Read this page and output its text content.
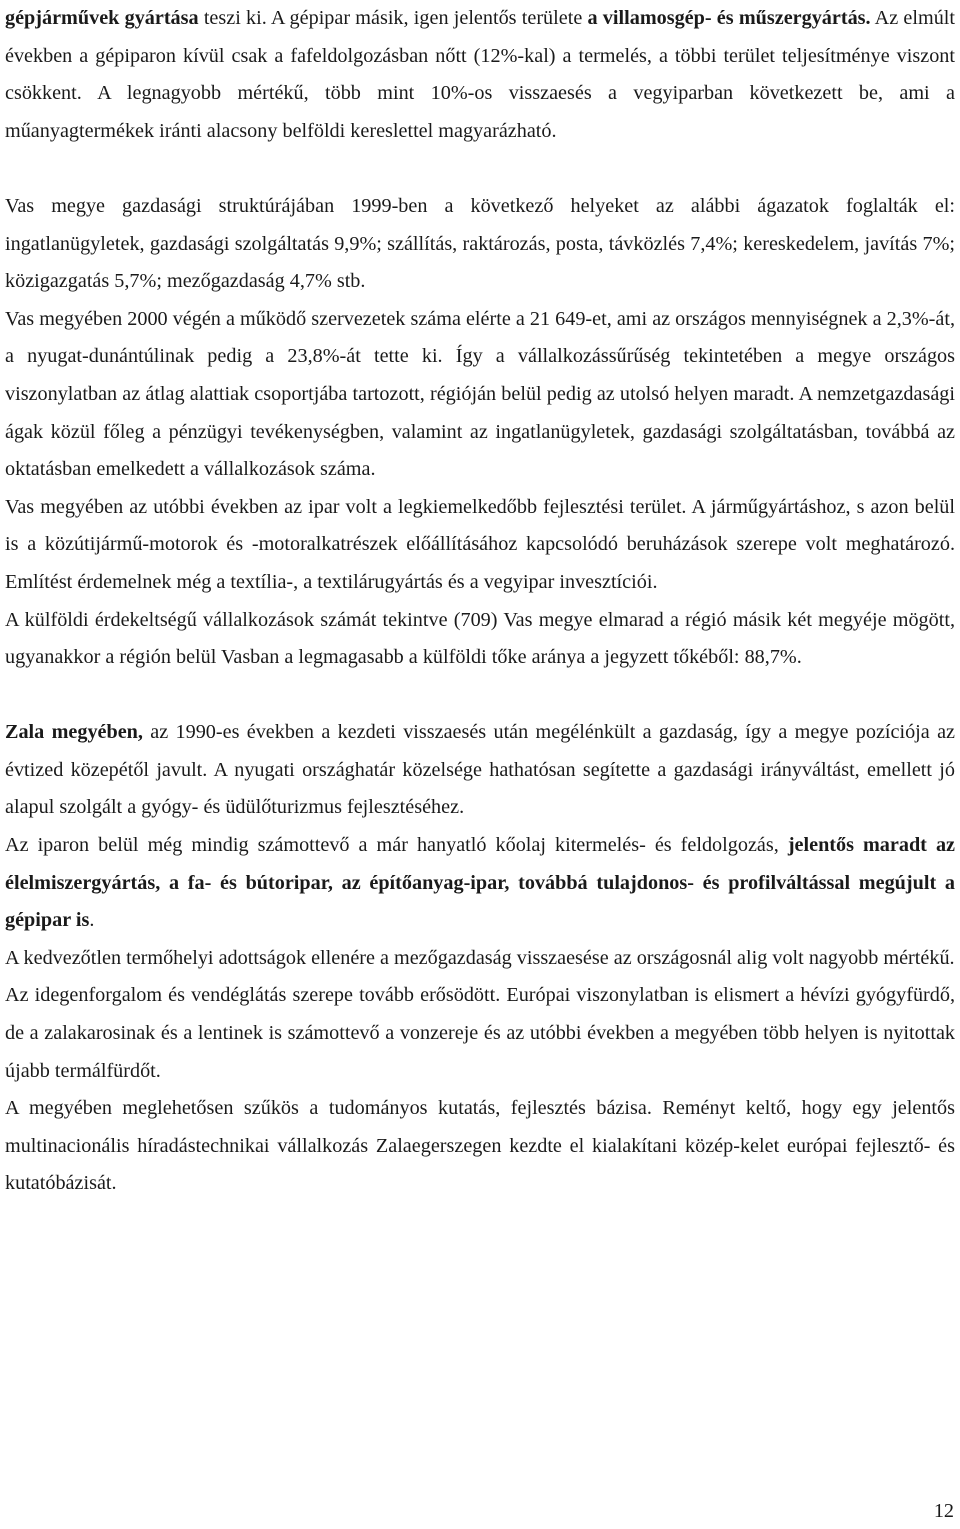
gépjárművek gyártása teszi ki. A gépipar másik, igen jelentős területe a villamosgép- és műszergyártás. Az elmúlt években a gépiparon kívül csak a fafeldolgozásban nőtt (12%-kal) a termelés, a többi terület teljesítménye viszont csökkent. A legnagyobb mértékű, több mint 10%-os visszaesés a vegyiparban következett be, ami a műanyagtermékek iránti alacsony belföldi kereslettel magyarázható.

Vas megye gazdasági struktúrájában 1999-ben a következő helyeket az alábbi ágazatok foglalták el: ingatlanügyletek, gazdasági szolgáltatás 9,9%; szállítás, raktározás, posta, távközlés 7,4%; kereskedelem, javítás 7%; közigazgatás 5,7%; mezőgazdaság 4,7% stb.

Vas megyében 2000 végén a működő szervezetek száma elérte a 21 649-et, ami az országos mennyiségnek a 2,3%-át, a nyugat-dunántúlinak pedig a 23,8%-át tette ki. Így a vállalkozássűrűség tekintetében a megye országos viszonylatban az átlag alattiak csoportjába tartozott, régióján belül pedig az utolsó helyen maradt. A nemzetgazdasági ágak közül főleg a pénzügyi tevékenységben, valamint az ingatlanügyletek, gazdasági szolgáltatásban, továbbá az oktatásban emelkedett a vállalkozások száma.

Vas megyében az utóbbi években az ipar volt a legkiemelkedőbb fejlesztési terület. A járműgyártáshoz, s azon belül is a közútijármű-motorok és -motoralkatrészek előállításához kapcsolódó beruházások szerepe volt meghatározó. Említést érdemelnek még a textília-, a textilárugyártás és a vegyipar invesztíciói.

A külföldi érdekeltségű vállalkozások számát tekintve (709) Vas megye elmarad a régió másik két megyéje mögött, ugyanakkor a régión belül Vasban a legmagasabb a külföldi tőke aránya a jegyzett tőkéből: 88,7%.

Zala megyében, az 1990-es években a kezdeti visszaesés után megélénkült a gazdaság, így a megye pozíciója az évtized közepétől javult. A nyugati országhatár közelsége hathatósan segítette a gazdasági irányváltást, emellett jó alapul szolgált a gyógy- és üdülőturizmus fejlesztéséhez.

Az iparon belül még mindig számottevő a már hanyatló kőolaj kitermelés- és feldolgozás, jelentős maradt az élelmiszergyártás, a fa- és bútoripar, az építőanyag-ipar, továbbá tulajdonos- és profilváltással megújult a gépipar is.

A kedvezőtlen termőhelyi adottságok ellenére a mezőgazdaság visszaesése az országosnál alig volt nagyobb mértékű.

Az idegenforgalom és vendéglátás szerepe tovább erősödött. Európai viszonylatban is elismert a hévízi gyógyfürdő, de a zalakarosinak és a lentinek is számottevő a vonzereje és az utóbbi években a megyében több helyen is nyitottak újabb termálfürdőt.

A megyében meglehetősen szűkös a tudományos kutatás, fejlesztés bázisa. Reményt keltő, hogy egy jelentős multinacionális híradástechnikai vállalkozás Zalaegerszegen kezdte el kialakítani közép-kelet európai fejlesztő- és kutatóbázisát.

12
